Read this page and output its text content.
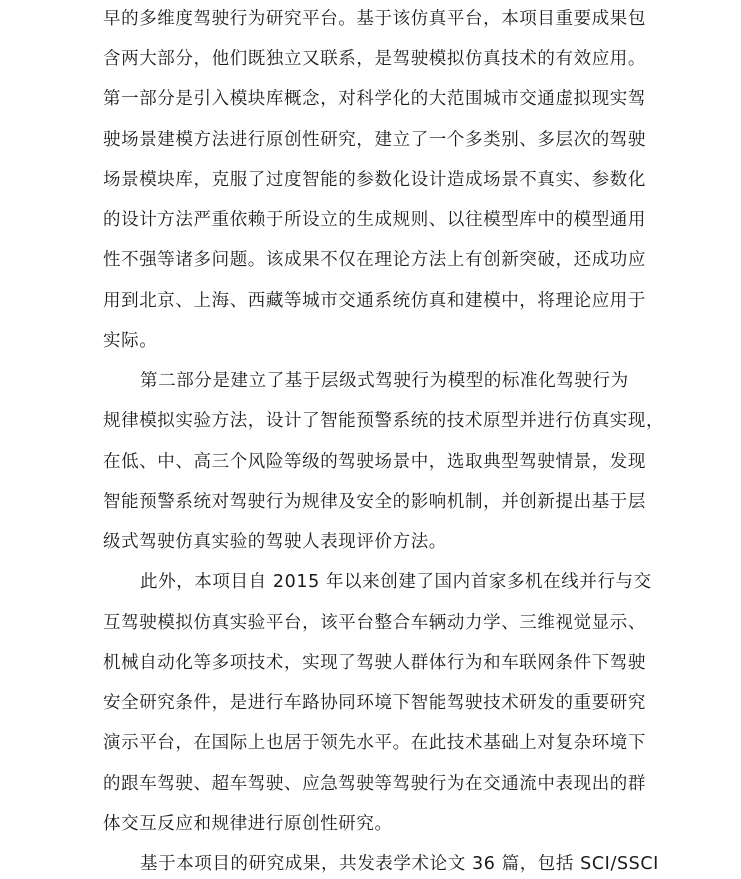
早的多维度驾驶行为研究平台。基于该仿真平台，本项目重要成果包
含两大部分，他们既独立又联系，是驾驶模拟仿真技术的有效应用。
第一部分是引入模块库概念，对科学化的大范围城市交通虚拟现实驾
驶场景建模方法进行原创性研究，建立了一个多类别、多层次的驾驶
场景模块库，克服了过度智能的参数化设计造成场景不真实、参数化
的设计方法严重依赖于所设立的生成规则、以往模型库中的模型通用
性不强等诸多问题。该成果不仅在理论方法上有创新突破，还成功应
用到北京、上海、西藏等城市交通系统仿真和建模中，将理论应用于
实际。
第二部分是建立了基于层级式驾驶行为模型的标准化驾驶行为
规律模拟实验方法，设计了智能预警系统的技术原型并进行仿真实现，
在低、中、高三个风险等级的驾驶场景中，选取典型驾驶情景，发现
智能预警系统对驾驶行为规律及安全的影响机制，并创新提出基于层
级式驾驶仿真实验的驾驶人表现评价方法。
此外，本项目自 2015 年以来创建了国内首家多机在线并行与交
互驾驶模拟仿真实验平台，该平台整合车辆动力学、三维视觉显示、
机械自动化等多项技术，实现了驾驶人群体行为和车联网条件下驾驶
安全研究条件，是进行车路协同环境下智能驾驶技术研发的重要研究
演示平台，在国际上也居于领先水平。在此技术基础上对复杂环境下
的跟车驾驶、超车驾驶、应急驾驶等驾驶行为在交通流中表现出的群
体交互反应和规律进行原创性研究。
基于本项目的研究成果，共发表学术论文 36 篇，包括 SCI/SSCI
